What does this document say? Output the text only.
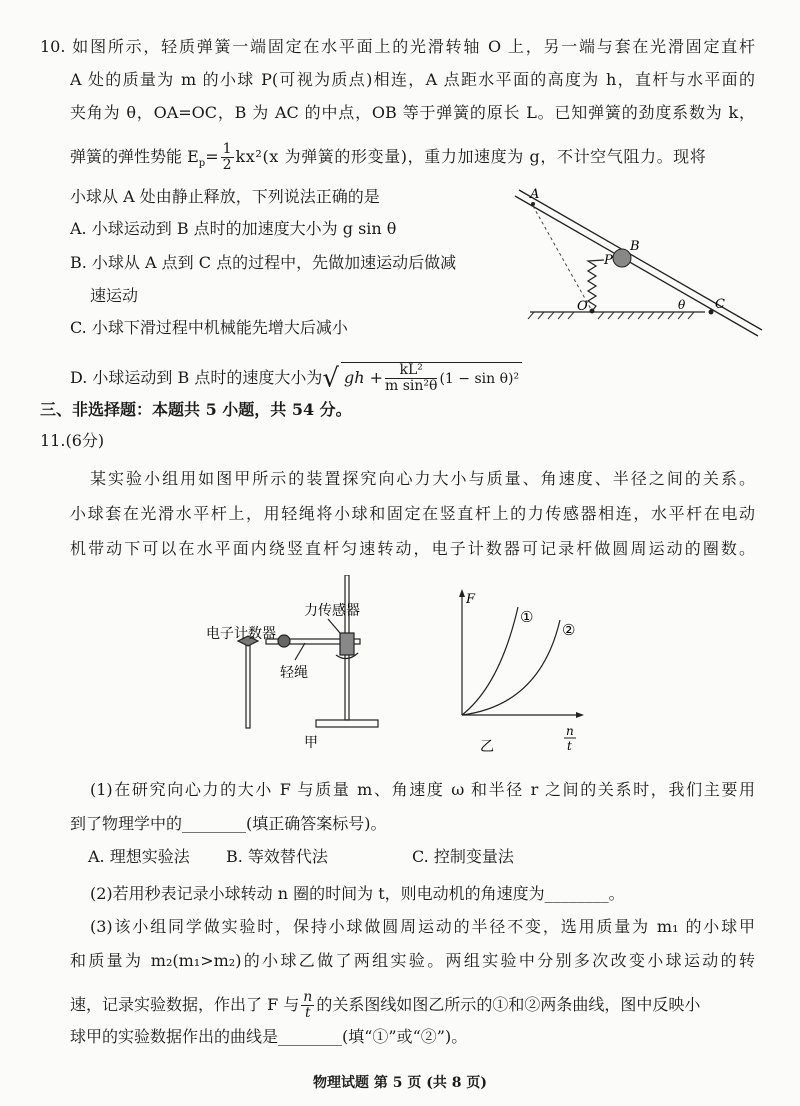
10. 如图所示，轻质弹簧一端固定在水平面上的光滑转轴 O 上，另一端与套在光滑固定直杆
A 处的质量为 m 的小球 P(可视为质点)相连，A 点距水平面的高度为 h，直杆与水平面的
夹角为 θ，OA=OC，B 为 AC 的中点，OB 等于弹簧的原长 L。已知弹簧的劲度系数为 k，
弹簧的弹性势能 $E_p= \frac{1}{2} kx^2(x$ 为弹簧的形变量)，重力加速度为 g，不计空气阻力。现将
小球从 A 处由静止释放，下列说法正确的是
A. 小球运动到 B 点时的加速度大小为 g sin θ
B. 小球从 A 点到 C 点的过程中，先做加速运动后做减
速运动
C. 小球下滑过程中机械能先增大后减小
D. 小球运动到 B 点时的速度大小为√ gh + $\frac{\text{kL²}}{\text{m sin²θ}} (1 - \sin \theta)^2$
A
B
P
O	C
θ
三、非选择题：本题共 5 小题，共 54 分。
11.(6分)
某实验小组用如图甲所示的装置探究向心力大小与质量、角速度、半径之间的关系。
小球套在光滑水平杆上，用轻绳将小球和固定在竖直杆上的力传感器相连，水平杆在电动
机带动下可以在水平面内绕竖直杆匀速转动，电子计数器可记录杆做圆周运动的圈数。
电子计数器
力传感器
轻绳
甲
F
①
②
n
t
乙
(1)在研究向心力的大小 F 与质量 m、角速度 ω 和半径 r 之间的关系时，我们主要用
到了物理学中的________(填正确答案标号)。
A. 理想实验法 B. 等效替代法	C. 控制变量法
(2)若用秒表记录小球转动 n 圈的时间为 t，则电动机的角速度为________。
(3)该小组同学做实验时，保持小球做圆周运动的半径不变，选用质量为 m₁ 的小球甲
和质量为 m₂(m₁>m₂)的小球乙做了两组实验。两组实验中分别多次改变小球运动的转
速，记录实验数据，作出了 F 与 $\frac{n}{t}$ 的关系图线如图乙所示的①和②两条曲线，图中反映小
球甲的实验数据作出的曲线是________(填“①”或“②”)。
物理试题 第 5 页 (共 8 页)
